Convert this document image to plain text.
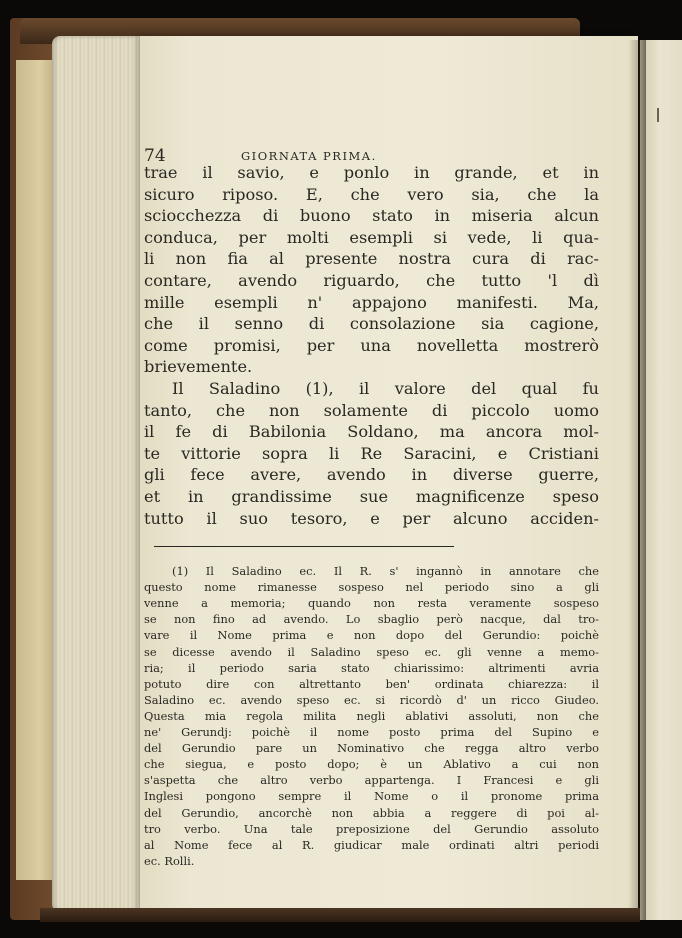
74	GIORNATA PRIMA.
trae il savio, e ponlo in grande, et in
sicuro riposo. E, che vero sia, che la
sciocchezza di buono stato in miseria alcun
conduca, per molti esempli si vede, li qua-
li non fia al presente nostra cura di rac-
contare, avendo riguardo, che tutto 'l dì
mille esempli n' appajono manifesti. Ma,
che il senno di consolazione sia cagione,
come promisi, per una novelletta mostrerò
brievemente.
Il Saladino (1), il valore del qual fu
tanto, che non solamente di piccolo uomo
il fe di Babilonia Soldano, ma ancora mol-
te vittorie sopra li Re Saracini, e Cristiani
gli fece avere, avendo in diverse guerre,
et in grandissime sue magnificenze speso
tutto il suo tesoro, e per alcuno acciden-
(1) Il Saladino ec. Il R. s' ingannò in annotare che
questo nome rimanesse sospeso nel periodo sino a gli
venne a memoria; quando non resta veramente sospeso
se non fino ad avendo. Lo sbaglio però nacque, dal tro-
vare il Nome prima e non dopo del Gerundio: poichè
se dicesse avendo il Saladino speso ec. gli venne a memo-
ria; il periodo saria stato chiarissimo: altrimenti avria
potuto dire con altrettanto ben' ordinata chiarezza: il
Saladino ec. avendo speso ec. si ricordò d' un ricco Giudeo.
Questa mia regola milita negli ablativi assoluti, non che
ne' Gerundj: poichè il nome posto prima del Supino e
del Gerundio pare un Nominativo che regga altro verbo
che siegua, e posto dopo; è un Ablativo a cui non
s'aspetta che altro verbo appartenga. I Francesi e gli
Inglesi pongono sempre il Nome o il pronome prima
del Gerundio, ancorchè non abbia a reggere di poi al-
tro verbo. Una tale preposizione del Gerundio assoluto
al Nome fece al R. giudicar male ordinati altri periodi
ec. Rolli.
